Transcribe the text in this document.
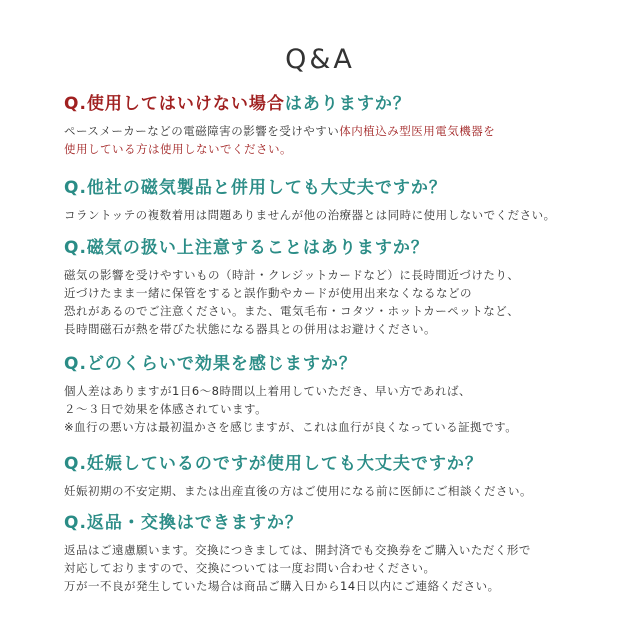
Q&A
Q.使用してはいけない場合はありますか？

ペースメーカーなどの電磁障害の影響を受けやすい体内植込み型医用電気機器を

使用している方は使用しないでください。

Q.他社の磁気製品と併用しても大丈夫ですか？

コラントッテの複数着用は問題ありませんが他の治療器とは同時に使用しないでください。

Q.磁気の扱い上注意することはありますか？

磁気の影響を受けやすいもの（時計・クレジットカードなど）に長時間近づけたり、

近づけたまま一緒に保管をすると誤作動やカードが使用出来なくなるなどの

恐れがあるのでご注意ください。また、電気毛布・コタツ・ホットカーペットなど、

長時間磁石が熱を帯びた状態になる器具との併用はお避けください。

Q.どのくらいで効果を感じますか？

個人差はありますが1日6〜8時間以上着用していただき、早い方であれば、

２〜３日で効果を体感されています。

※血行の悪い方は最初温かさを感じますが、これは血行が良くなっている証拠です。

Q.妊娠しているのですが使用しても大丈夫ですか？

妊娠初期の不安定期、または出産直後の方はご使用になる前に医師にご相談ください。

Q.返品・交換はできますか？

返品はご遠慮願います。交換につきましては、開封済でも交換券をご購入いただく形で

対応しておりますので、交換については一度お問い合わせください。

万が一不良が発生していた場合は商品ご購入日から14日以内にご連絡ください。
